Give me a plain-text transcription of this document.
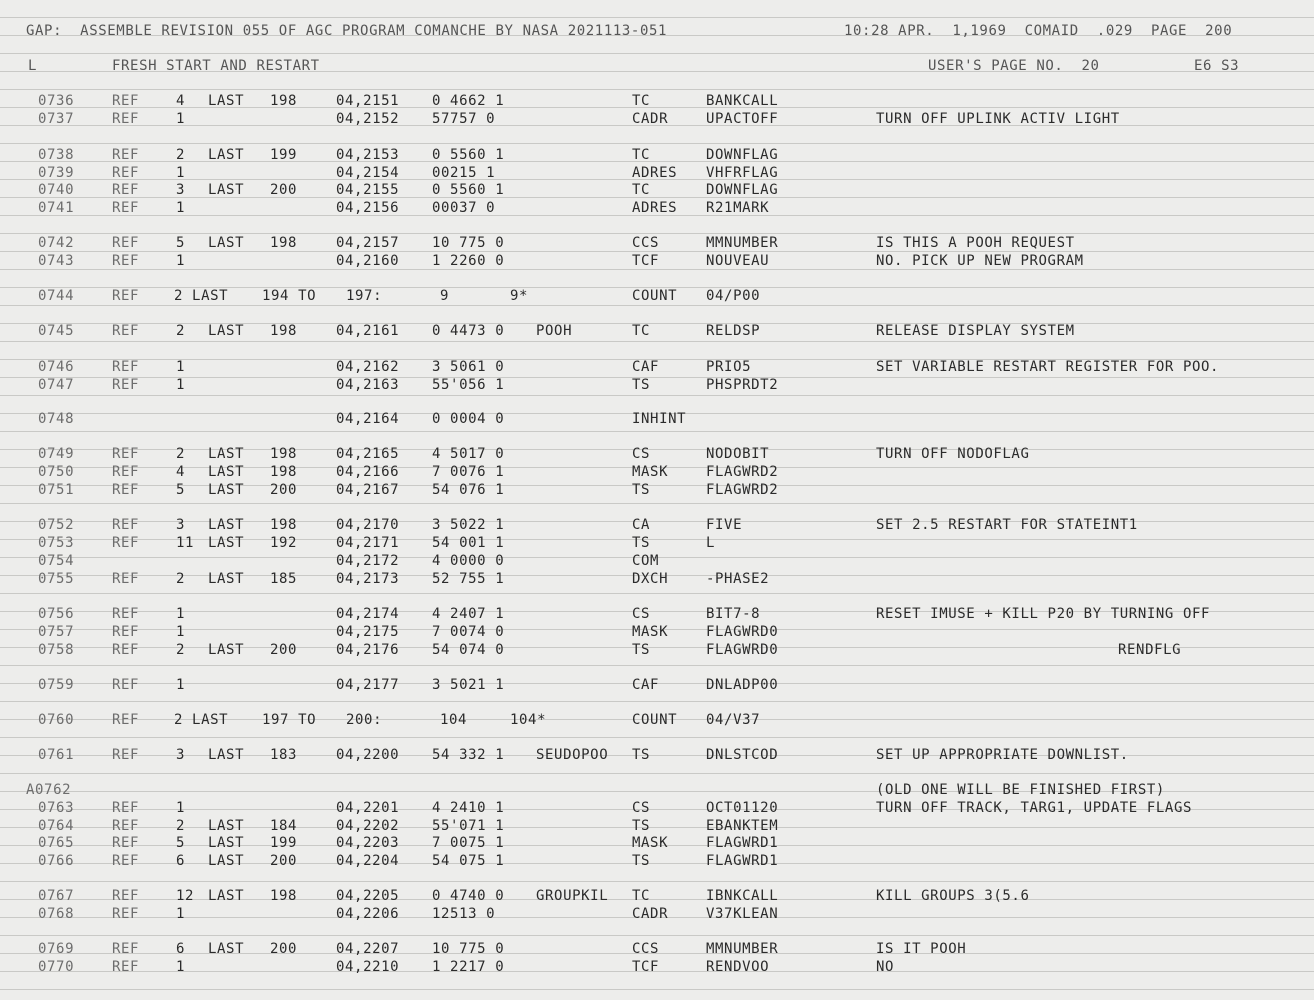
GAP:  ASSEMBLE REVISION 055 OF AGC PROGRAM COMANCHE BY NASA 2021113-051

	10:28 APR.  1,1969  COMAID  .029  PAGE  200

L

	FRESH START AND RESTART

	USER'S PAGE NO.  20

	E6 S3

0736	REF	4 LAST 198	04,2151 0 4662 1	TC	BANKCALL
0737	REF	1	04,2152 57757 0	CADR	UPACTOFF	TURN OFF UPLINK ACTIV LIGHT
0738	REF	2 LAST 199	04,2153 0 5560 1	TC	DOWNFLAG
0739	REF	1	04,2154 00215 1	ADRES VHFRFLAG
0740	REF	3 LAST 200	04,2155 0 5560 1	TC	DOWNFLAG
0741	REF	1	04,2156 00037 0	ADRES R21MARK
0742	REF	5 LAST 198	04,2157 10 775 0	CCS	MMNUMBER	IS THIS A POOH REQUEST
0743	REF	1	04,2160 1 2260 0	TCF	NOUVEAU	NO. PICK UP NEW PROGRAM
0744	REF 2 LAST 194 TO 197:	9	9*	COUNT 04/P00
0745	REF	2 LAST 198	04,2161 0 4473 0 POOH	TC	RELDSP	RELEASE DISPLAY SYSTEM
0746	REF	1	04,2162 3 5061 0	CAF	PRIO5	SET VARIABLE RESTART REGISTER FOR POO.
0747	REF	1	04,2163 55'056 1	TS	PHSPRDT2
0748	04,2164 0 0004 0	INHINT
0749	REF	2 LAST 198	04,2165 4 5017 0	CS	NODOBIT	TURN OFF NODOFLAG
0750	REF	4 LAST 198	04,2166 7 0076 1	MASK	FLAGWRD2
0751	REF	5 LAST 200	04,2167 54 076 1	TS	FLAGWRD2
0752	REF	3 LAST 198	04,2170 3 5022 1	CA	FIVE	SET 2.5 RESTART FOR STATEINT1
0753	REF	11 LAST 192	04,2171 54 001 1	TS	L
0754	04,2172 4 0000 0	COM
0755	REF	2 LAST 185	04,2173 52 755 1	DXCH	-PHASE2
0756	REF	1	04,2174 4 2407 1	CS	BIT7-8	RESET IMUSE + KILL P20 BY TURNING OFF
0757	REF	1	04,2175 7 0074 0	MASK	FLAGWRD0
0758	REF	2 LAST 200	04,2176 54 074 0	TS	FLAGWRD0	RENDFLG
0759	REF	1	04,2177 3 5021 1	CAF	DNLADP00
0760	REF 2 LAST 197 TO 200:	104	104*	COUNT 04/V37
0761	REF	3 LAST 183	04,2200 54 332 1 SEUDOPOO TS	DNLSTCOD	SET UP APPROPRIATE DOWNLIST.
A0762	(OLD ONE WILL BE FINISHED FIRST)
0763	REF	1	04,2201 4 2410 1	CS	OCT01120	TURN OFF TRACK, TARG1, UPDATE FLAGS
0764	REF	2 LAST 184	04,2202 55'071 1	TS	EBANKTEM
0765	REF	5 LAST 199	04,2203 7 0075 1	MASK	FLAGWRD1
0766	REF	6 LAST 200	04,2204 54 075 1	TS	FLAGWRD1
0767	REF	12 LAST 198	04,2205 0 4740 0 GROUPKIL TC	IBNKCALL	KILL GROUPS 3(5.6
0768	REF	1	04,2206 12513 0	CADR	V37KLEAN
0769	REF	6 LAST 200	04,2207 10 775 0	CCS	MMNUMBER	IS IT POOH
0770	REF	1	04,2210 1 2217 0	TCF	RENDVOO	NO
